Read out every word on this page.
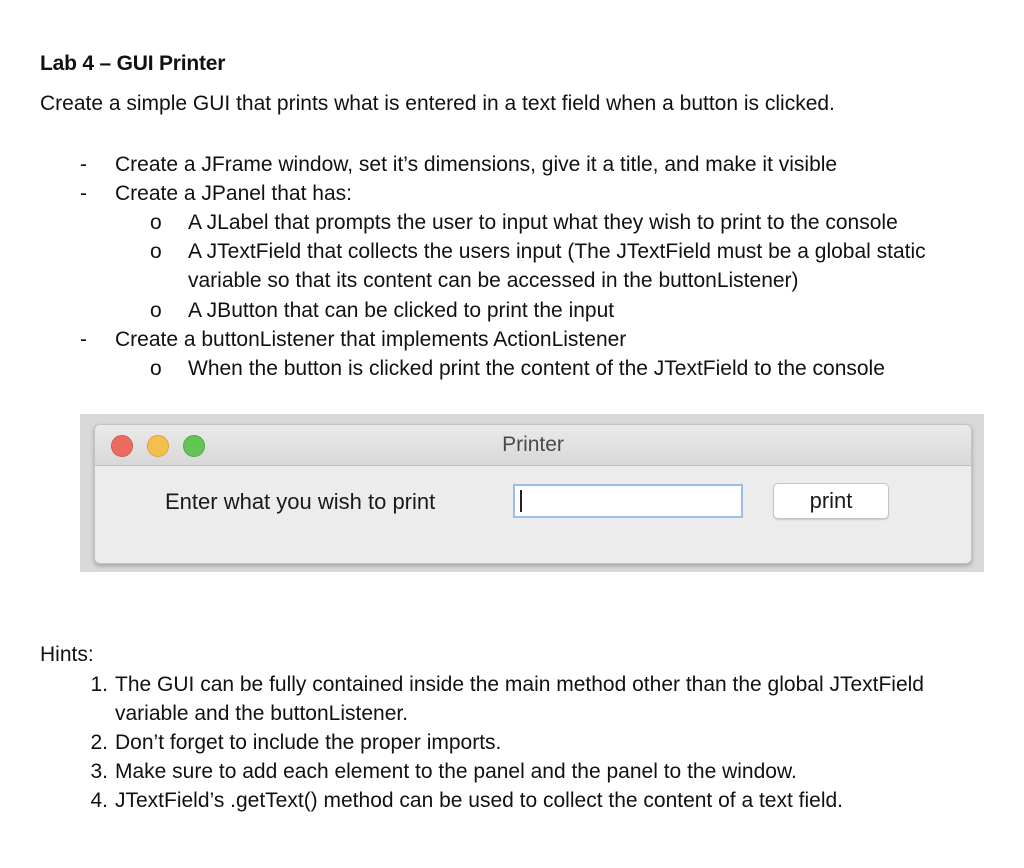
Lab 4 – GUI Printer
Create a simple GUI that prints what is entered in a text field when a button is clicked.
- Create a JFrame window, set it’s dimensions, give it a title, and make it visible
- Create a JPanel that has:
o A JLabel that prompts the user to input what they wish to print to the console
o A JTextField that collects the users input (The JTextField must be a global static
variable so that its content can be accessed in the buttonListener)
o A JButton that can be clicked to print the input
- Create a buttonListener that implements ActionListener
o When the button is clicked print the content of the JTextField to the console
Printer
Enter what you wish to print	print
Hints:
1. The GUI can be fully contained inside the main method other than the global JTextField
variable and the buttonListener.
2. Don’t forget to include the proper imports.
3. Make sure to add each element to the panel and the panel to the window.
4. JTextField’s .getText() method can be used to collect the content of a text field.
